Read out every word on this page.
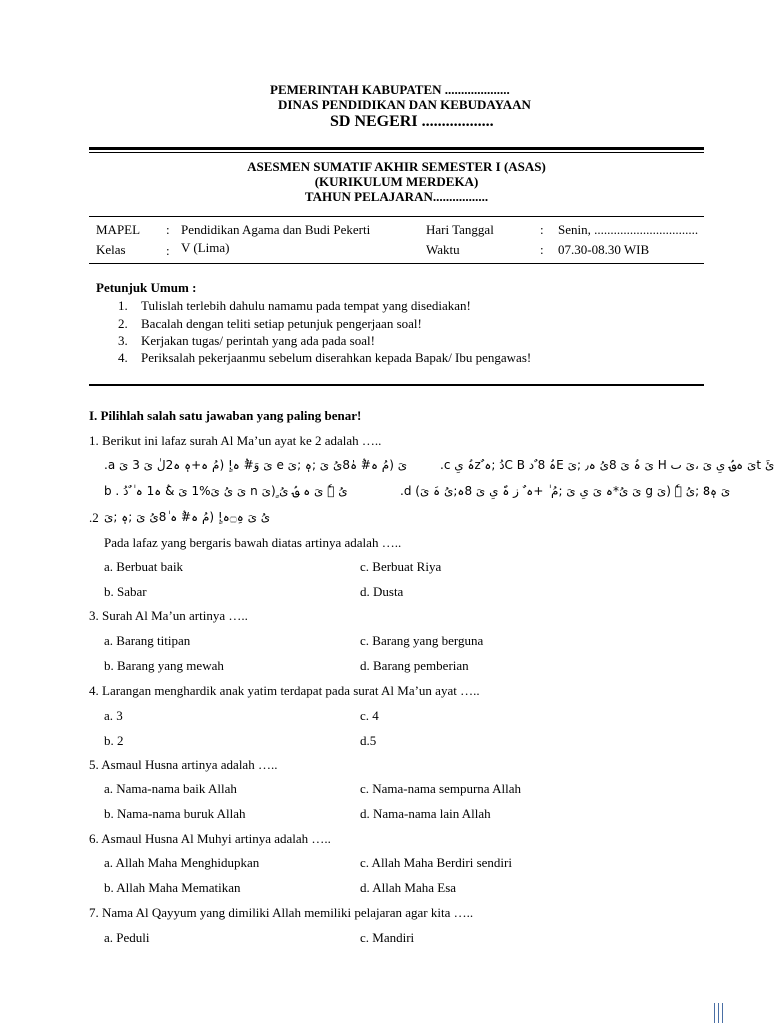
PEMERINTAH KABUPATEN ....................
DINAS PENDIDIKAN DAN KEBUDAYAAN
SD NEGERI ..................
ASESMEN SUMATIF AKHIR SEMESTER I (ASAS)
(KURIKULUM MERDEKA)
TAHUN PELAJARAN.................
MAPEL : Pendidikan Agama dan Budi Pekerti
Kelas	: V (Lima)
Hari Tanggal	: Senin, ................................
Waktu	: 07.30-08.30 WIB
Petunjuk Umum :
1. Tulislah terlebih dahulu namamu pada tempat yang disediakan!
2. Bacalah dengan teliti setiap petunjuk pengerjaan soal!
3. Kerjakan tugas/ perintah yang ada pada soal!
4. Periksalah pekerjaanmu sebelum diserahkan kepada Bapak/ Ibu pengawas!
I. Pilihlah salah satu jawaban yang paling benar!
1. Berikut ini lafaz surah Al Ma’un ayat ke 2 adalah …..
.a ىَ وَ#ُ ہ!ٍ (مُ ہ+ہٖ ہ2لٰ ىَ 3 ىَ e ىَ (مُ ہ#ُ ہٰ8ىُ ىَ ;ہٖ ;ىَ	.c ہُ ىِz ٌدُ ;ہC B ہُ 8 ٌدE ىَ ہُ ىَ 8ىُ ہ٫ ;ىَ H ىَ ہ؈ُ ىِ ىَ ،ىَ ٮt ئَ
b . ىَ ىُ ىَ%1 ىَ &ُ ہ1 ہ ٰ ٌدُ n ىُ ٖٗ ىَ ہ ؈ُ ىُ ٍ(ىَ	.d (ىَ ىُ*ہ ىَ ىِ ىَ ;مُ ٰ +ہ ٌ ز ہٌ ىِ ىَ 8ہ;ىُ ہَ ىَ g ىَ ہ8ٖ ;ىُ ٖٗ (ىَ
.2 ىُ ىَ ہِ۝ہ!ٍ (مُ ہ#ُ ہ ٰ8ىُ ىَ ;ہٖ ;ىَ
Pada lafaz yang bergaris bawah diatas artinya adalah …..
a. Berbuat baik	c. Berbuat Riya
b. Sabar	d. Dusta
3. Surah Al Ma’un artinya …..
a. Barang titipan	c. Barang yang berguna
b. Barang yang mewah	d. Barang pemberian
4. Larangan menghardik anak yatim terdapat pada surat Al Ma’un ayat …..
a. 3	c. 4
b. 2	d.5
5. Asmaul Husna artinya adalah …..
a. Nama-nama baik Allah	c. Nama-nama sempurna Allah
b. Nama-nama buruk Allah	d. Nama-nama lain Allah
6. Asmaul Husna Al Muhyi artinya adalah …..
a. Allah Maha Menghidupkan	c. Allah Maha Berdiri sendiri
b. Allah Maha Mematikan	d. Allah Maha Esa
7. Nama Al Qayyum yang dimiliki Allah memiliki pelajaran agar kita …..
a. Peduli	c. Mandiri
